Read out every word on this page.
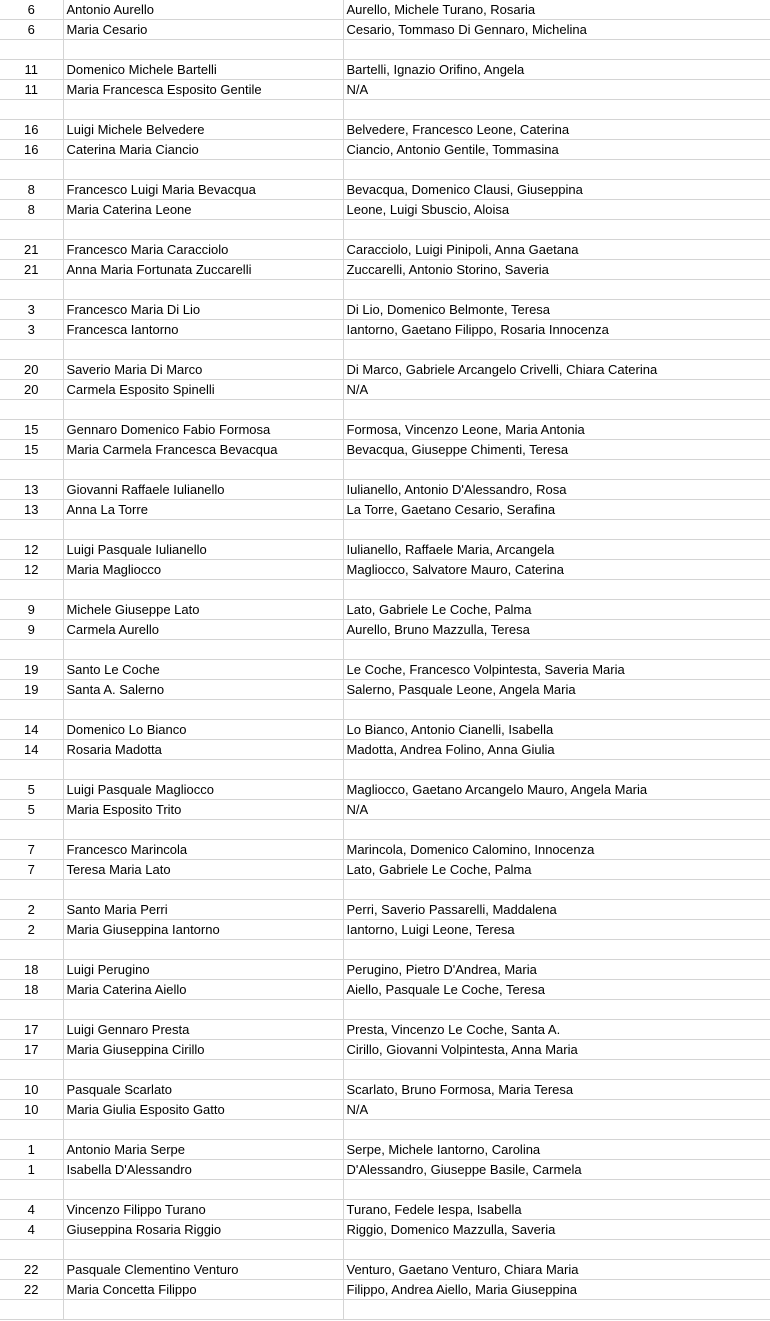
6	Antonio Aurello	Aurello, Michele Turano, Rosaria
6	Maria Cesario	Cesario, Tommaso Di Gennaro, Michelina

11	Domenico Michele Bartelli	Bartelli, Ignazio Orifino, Angela
11	Maria Francesca Esposito Gentile	N/A

16	Luigi Michele Belvedere	Belvedere, Francesco Leone, Caterina
16	Caterina Maria Ciancio	Ciancio, Antonio Gentile, Tommasina

8	Francesco Luigi Maria Bevacqua	Bevacqua, Domenico Clausi, Giuseppina
8	Maria Caterina Leone	Leone, Luigi Sbuscio, Aloisa

21	Francesco Maria Caracciolo	Caracciolo, Luigi Pinipoli, Anna Gaetana
21	Anna Maria Fortunata Zuccarelli	Zuccarelli, Antonio Storino, Saveria

3	Francesco Maria Di Lio	Di Lio, Domenico Belmonte, Teresa
3	Francesca Iantorno	Iantorno, Gaetano Filippo, Rosaria Innocenza

20	Saverio Maria Di Marco	Di Marco, Gabriele Arcangelo Crivelli, Chiara Caterina
20	Carmela Esposito Spinelli	N/A

15	Gennaro Domenico Fabio Formosa	Formosa, Vincenzo Leone, Maria Antonia
15	Maria Carmela Francesca Bevacqua	Bevacqua, Giuseppe Chimenti, Teresa

13	Giovanni Raffaele Iulianello	Iulianello, Antonio D'Alessandro, Rosa
13	Anna La Torre	La Torre, Gaetano Cesario, Serafina

12	Luigi Pasquale Iulianello	Iulianello, Raffaele Maria, Arcangela
12	Maria Magliocco	Magliocco, Salvatore Mauro, Caterina

9	Michele Giuseppe Lato	Lato, Gabriele Le Coche, Palma
9	Carmela Aurello	Aurello, Bruno Mazzulla, Teresa

19	Santo Le Coche	Le Coche, Francesco Volpintesta, Saveria Maria
19	Santa A. Salerno	Salerno, Pasquale Leone, Angela Maria

14	Domenico Lo Bianco	Lo Bianco, Antonio Cianelli, Isabella
14	Rosaria Madotta	Madotta, Andrea Folino, Anna Giulia

5	Luigi Pasquale Magliocco	Magliocco, Gaetano Arcangelo Mauro, Angela Maria
5	Maria Esposito Trito	N/A

7	Francesco Marincola	Marincola, Domenico Calomino, Innocenza
7	Teresa Maria Lato	Lato, Gabriele Le Coche, Palma

2	Santo Maria Perri	Perri, Saverio Passarelli, Maddalena
2	Maria Giuseppina Iantorno	Iantorno, Luigi Leone, Teresa

18	Luigi Perugino	Perugino, Pietro D'Andrea, Maria
18	Maria Caterina Aiello	Aiello, Pasquale Le Coche, Teresa

17	Luigi Gennaro Presta	Presta, Vincenzo Le Coche, Santa A.
17	Maria Giuseppina Cirillo	Cirillo, Giovanni Volpintesta, Anna Maria

10	Pasquale Scarlato	Scarlato, Bruno Formosa, Maria Teresa
10	Maria Giulia Esposito Gatto	N/A

1	Antonio Maria Serpe	Serpe, Michele Iantorno, Carolina
1	Isabella D'Alessandro	D'Alessandro, Giuseppe Basile, Carmela

4	Vincenzo Filippo Turano	Turano, Fedele Iespa, Isabella
4	Giuseppina Rosaria Riggio	Riggio, Domenico Mazzulla, Saveria

22	Pasquale Clementino Venturo	Venturo, Gaetano Venturo, Chiara Maria
22	Maria Concetta Filippo	Filippo, Andrea Aiello, Maria Giuseppina
